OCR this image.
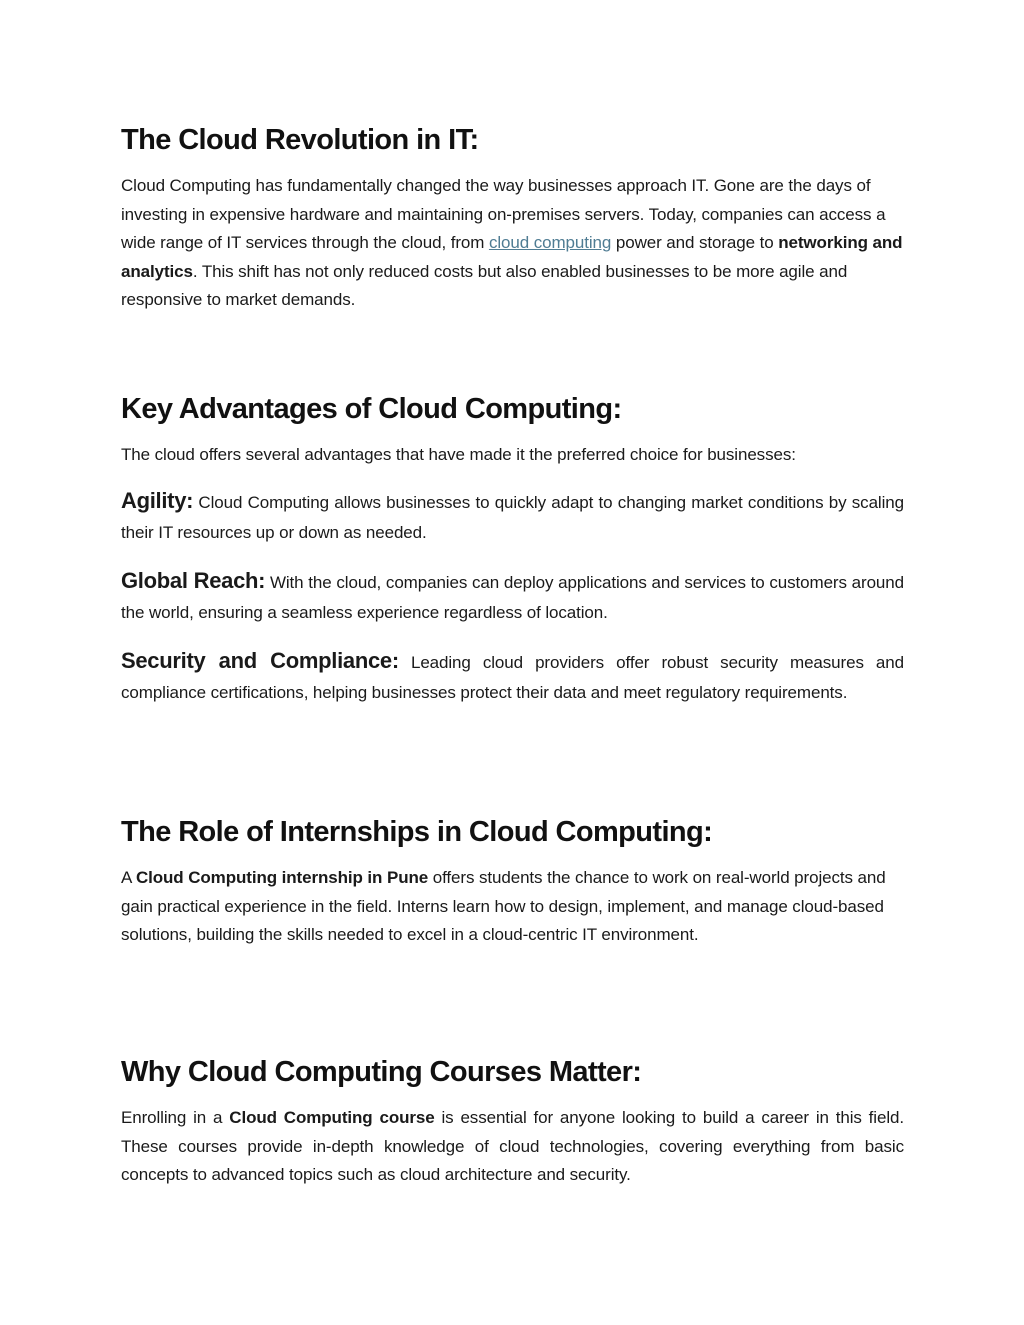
The Cloud Revolution in IT:

Cloud Computing has fundamentally changed the way businesses approach IT. Gone are the days of investing in expensive hardware and maintaining on-premises servers. Today, companies can access a wide range of IT services through the cloud, from cloud computing power and storage to networking and analytics. This shift has not only reduced costs but also enabled businesses to be more agile and responsive to market demands.

Key Advantages of Cloud Computing:

The cloud offers several advantages that have made it the preferred choice for businesses:

Agility: Cloud Computing allows businesses to quickly adapt to changing market conditions by scaling their IT resources up or down as needed.

Global Reach: With the cloud, companies can deploy applications and services to customers around the world, ensuring a seamless experience regardless of location.

Security and Compliance: Leading cloud providers offer robust security measures and compliance certifications, helping businesses protect their data and meet regulatory requirements.

The Role of Internships in Cloud Computing:

A Cloud Computing internship in Pune offers students the chance to work on real-world projects and gain practical experience in the field. Interns learn how to design, implement, and manage cloud-based solutions, building the skills needed to excel in a cloud-centric IT environment.

Why Cloud Computing Courses Matter:

Enrolling in a Cloud Computing course is essential for anyone looking to build a career in this field. These courses provide in-depth knowledge of cloud technologies, covering everything from basic concepts to advanced topics such as cloud architecture and security.
